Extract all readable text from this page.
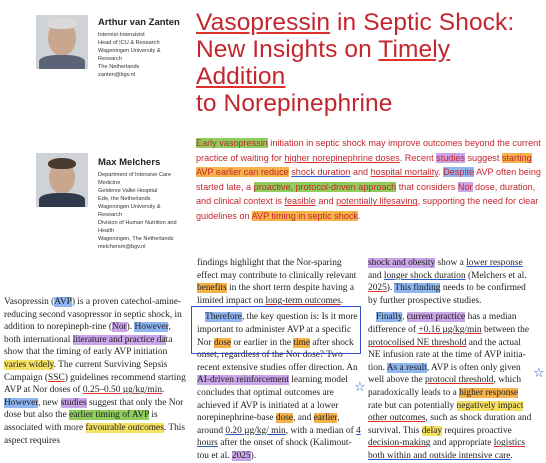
Arthur van Zanten
Internist-Intensivist
Head of ICU & Research
Wageningen University &
Research
The Netherlands
zanten@bgv.nl
Max Melchers
Department of Intensive Care
Medicine
Gelderse Vallei Hospital
Ede, the Netherlands
Wageningen University &
Research
Division of Human Nutrition and
Health
Wageningen, The Netherlands
melchersm@bgv.nl
Vasopressin in Septic Shock:
New Insights on Timely Addition
to Norepinephrine

Early vasopressin initiation in septic shock may improve outcomes beyond the current practice of waiting for higher norepinephrine doses. Recent studies suggest starting AVP earlier can reduce shock duration and hospital mortality. Despite AVP often being started late, a proactive, protocol-driven approach that considers Nor dose, duration, and clinical context is feasible and potentially lifesaving, supporting the need for clear guidelines on AVP timing in septic shock.

Vasopressin (AVP) is a proven catechol-amine-reducing second vasopressor in septic shock, in addition to norepineph-rine (Nor). However, both international literature and practice data show that the timing of early AVP initiation varies widely. The current Surviving Sepsis Campaign (SSC) guidelines recommend starting AVP at Nor doses of 0.25–0.50 µg/kg/min. However, new studies suggest that only the Nor dose but also the earlier timing of AVP is associated with more favourable outcomes. This aspect requires

findings highlight that the Nor-sparing effect may contribute to clinically relevant benefits in the short term despite having a limited impact on long-term outcomes.

Therefore, the key question is: Is it more important to administer AVP at a specific Nor dose or earlier in the time after shock onset, regardless of the Nor dose? Two recent extensive studies offer direction. An AI-driven reinforcement learning model concludes that optimal outcomes are achieved if AVP is initiated at a lower norepinephrine-base dose, and earlier, around 0.20 µg/kg/ min, with a median of 4 hours after the onset of shock (Kalimout-tou et al. 2025).

shock and obesity show a lower response and longer shock duration (Melchers et al. 2025). This finding needs to be confirmed by further prospective studies.

Finally, current practice has a median difference of +0.16 µg/kg/min between the protocolised NE threshold and the actual NE infusion rate at the time of AVP initia-tion. As a result, AVP is often only given well above the protocol threshold, which paradoxically leads to a higher response rate but can potentially negatively impact other outcomes, such as shock duration and survival. This delay requires proactive decision-making and appropriate logistics both within and outside intensive care.

☆
☆
